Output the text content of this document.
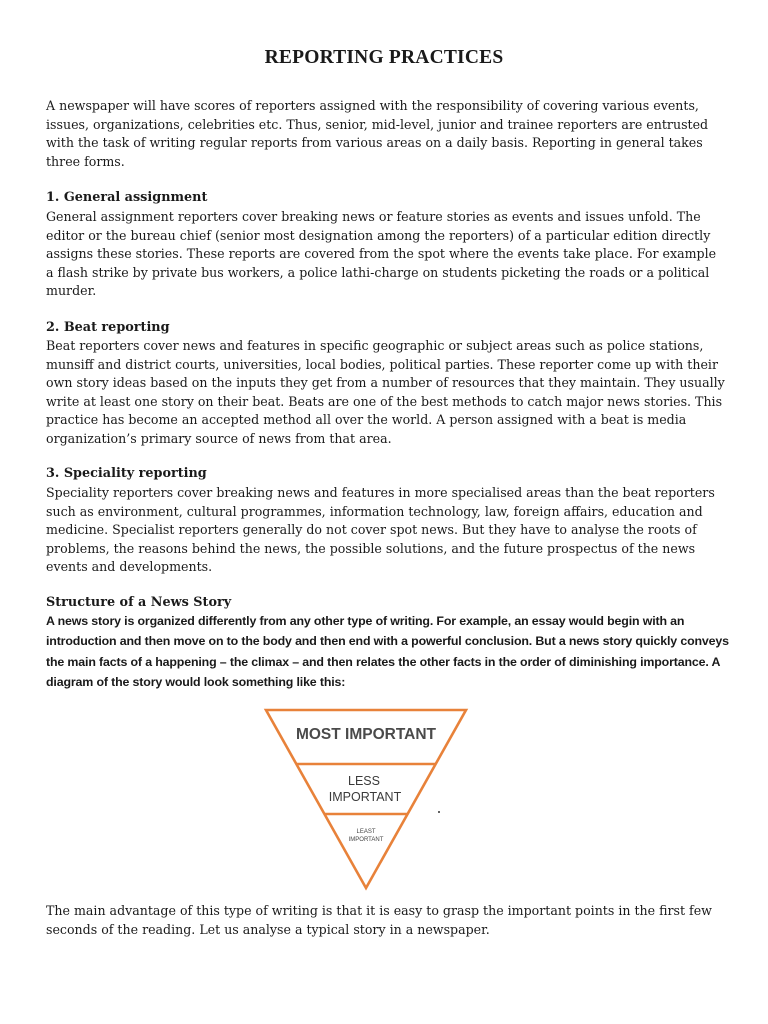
REPORTING PRACTICES

A newspaper will have scores of reporters assigned with the responsibility of covering various events, issues, organizations, celebrities etc. Thus, senior, mid-level, junior and trainee reporters are entrusted with the task of writing regular reports from various areas on a daily basis. Reporting in general takes three forms.

1. General assignment

General assignment reporters cover breaking news or feature stories as events and issues unfold. The editor or the bureau chief (senior most designation among the reporters) of a particular edition directly assigns these stories. These reports are covered from the spot where the events take place. For example a flash strike by private bus workers, a police lathi-charge on students picketing the roads or a political murder.

2. Beat reporting

Beat reporters cover news and features in specific geographic or subject areas such as police stations, munsiff and district courts, universities, local bodies, political parties. These reporter come up with their own story ideas based on the inputs they get from a number of resources that they maintain. They usually write at least one story on their beat. Beats are one of the best methods to catch major news stories. This practice has become an accepted method all over the world. A person assigned with a beat is media organization’s primary source of news from that area.

3. Speciality reporting

Speciality reporters cover breaking news and features in more specialised areas than the beat reporters such as environment, cultural programmes, information technology, law, foreign affairs, education and medicine. Specialist reporters generally do not cover spot news. But they have to analyse the roots of problems, the reasons behind the news, the possible solutions, and the future prospectus of the news events and developments.

Structure of a News Story

A news story is organized differently from any other type of writing. For example, an essay would begin with an introduction and then move on to the body and then end with a powerful conclusion. But a news story quickly conveys the main facts of a happening – the climax – and then relates the other facts in the order of diminishing importance. A diagram of the story would look something like this:

MOST IMPORTANT
LESS
IMPORTANT
LEAST
IMPORTANT

The main advantage of this type of writing is that it is easy to grasp the important points in the first few seconds of the reading. Let us analyse a typical story in a newspaper.
